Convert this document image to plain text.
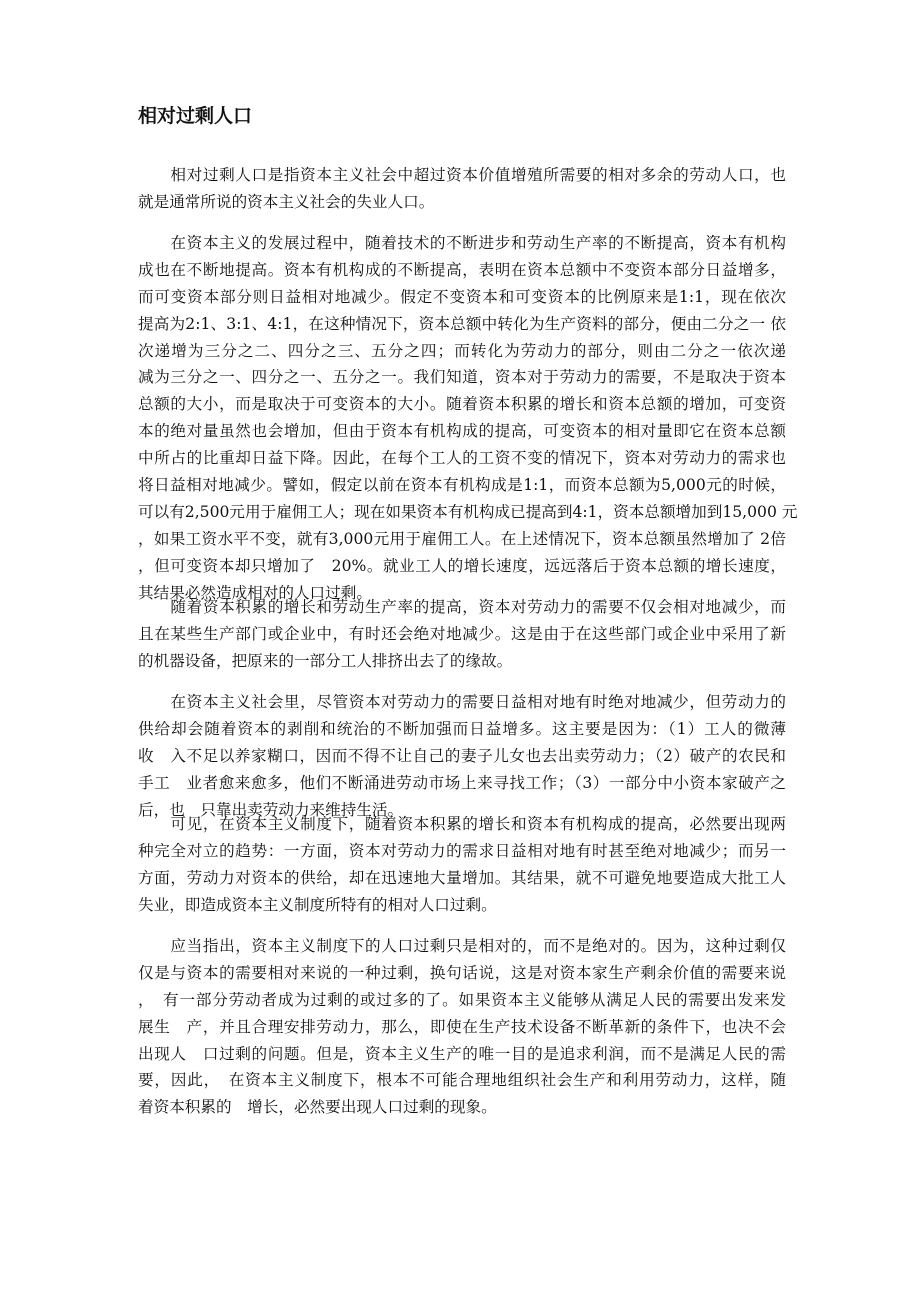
相对过剩人口
　　相对过剩人口是指资本主义社会中超过资本价值增殖所需要的相对多余的劳动人口，也
就是通常所说的资本主义社会的失业人口。
　　在资本主义的发展过程中，随着技术的不断进步和劳动生产率的不断提高，资本有机构
成也在不断地提高。资本有机构成的不断提高，表明在资本总额中不变资本部分日益增多，
而可变资本部分则日益相对地减少。假定不变资本和可变资本的比例原来是1:1，现在依次
提高为2:1、3:1、4:1，在这种情况下，资本总额中转化为生产资料的部分，便由二分之一 依
次递增为三分之二、四分之三、五分之四；而转化为劳动力的部分，则由二分之一依次递
减为三分之一、四分之一、五分之一。我们知道，资本对于劳动力的需要，不是取决于资本
总额的大小，而是取决于可变资本的大小。随着资本积累的增长和资本总额的增加，可变资
本的绝对量虽然也会增加，但由于资本有机构成的提高，可变资本的相对量即它在资本总额
中所占的比重却日益下降。因此，在每个工人的工资不变的情况下，资本对劳动力的需求也
将日益相对地减少。譬如，假定以前在资本有机构成是1:1，而资本总额为5,000元的时候，
可以有2,500元用于雇佣工人；现在如果资本有机构成已提高到4:1，资本总额增加到15,000 元
，如果工资水平不变，就有3,000元用于雇佣工人。在上述情况下，资本总额虽然增加了 2倍
，但可变资本却只增加了　20%。就业工人的增长速度，远远落后于资本总额的增长速度，
其结果必然造成相对的人口过剩。
　　随着资本积累的增长和劳动生产率的提高，资本对劳动力的需要不仅会相对地减少，而
且在某些生产部门或企业中，有时还会绝对地减少。这是由于在这些部门或企业中采用了新
的机器设备，把原来的一部分工人排挤出去了的缘故。
　　在资本主义社会里，尽管资本对劳动力的需要日益相对地有时绝对地减少，但劳动力的
供给却会随着资本的剥削和统治的不断加强而日益增多。这主要是因为：（1）工人的微薄
收　入不足以养家糊口，因而不得不让自己的妻子儿女也去出卖劳动力；（2）破产的农民和
手工　业者愈来愈多，他们不断涌进劳动市场上来寻找工作；（3）一部分中小资本家破产之
后，也　只靠出卖劳动力来维持生活。
　　可见，在资本主义制度下，随着资本积累的增长和资本有机构成的提高，必然要出现两
种完全对立的趋势：一方面，资本对劳动力的需求日益相对地有时甚至绝对地减少；而另一
方面，劳动力对资本的供给，却在迅速地大量增加。其结果，就不可避免地要造成大批工人
失业，即造成资本主义制度所特有的相对人口过剩。
　　应当指出，资本主义制度下的人口过剩只是相对的，而不是绝对的。因为，这种过剩仅
仅是与资本的需要相对来说的一种过剩，换句话说，这是对资本家生产剩余价值的需要来说
，　有一部分劳动者成为过剩的或过多的了。如果资本主义能够从满足人民的需要出发来发
展生　产，并且合理安排劳动力，那么，即使在生产技术设备不断革新的条件下，也决不会
出现人　口过剩的问题。但是，资本主义生产的唯一目的是追求利润，而不是满足人民的需
要，因此，　在资本主义制度下，根本不可能合理地组织社会生产和利用劳动力，这样，随
着资本积累的　增长，必然要出现人口过剩的现象。
